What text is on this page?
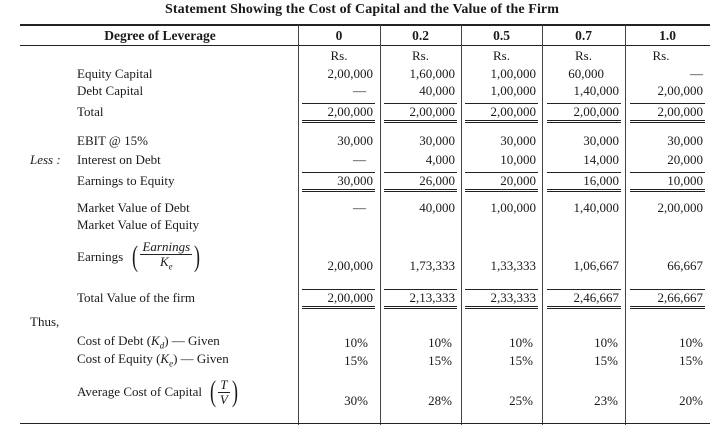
Statement Showing the Cost of Capital and the Value of the Firm
Degree of Leverage	0	0.2	0.5	0.7	1.0
Rs.	Rs.	Rs.	Rs.	Rs.
Equity Capital	2,00,000	1,60,000	1,00,000	60,000	—
Debt Capital	—	40,000	1,00,000	1,40,000	2,00,000
Total	2,00,000	2,00,000	2,00,000	2,00,000	2,00,000
EBIT @ 15%	30,000	30,000	30,000	30,000	30,000
Less : Interest on Debt	—	4,000	10,000	14,000	20,000
Earnings to Equity	30,000	26,000	20,000	16,000	10,000
Market Value of Debt	—	40,000	1,00,000	1,40,000	2,00,000
Market Value of Equity
Earnings ( $\frac{\text{Earnings}}{K_e}$ )	2,00,000	1,73,333	1,33,333	1,06,667	66,667
Total Value of the firm	2,00,000	2,13,333	2,33,333	2,46,667	2,66,667
Thus,
Cost of Debt $(K_d)$ — Given	10%	10%	10%	10%	10%
Cost of Equity $(K_e)$ — Given	15%	15%	15%	15%	15%
Average Cost of Capital ( $\frac{T}{V}$ )	30%	28%	25%	23%	20%
